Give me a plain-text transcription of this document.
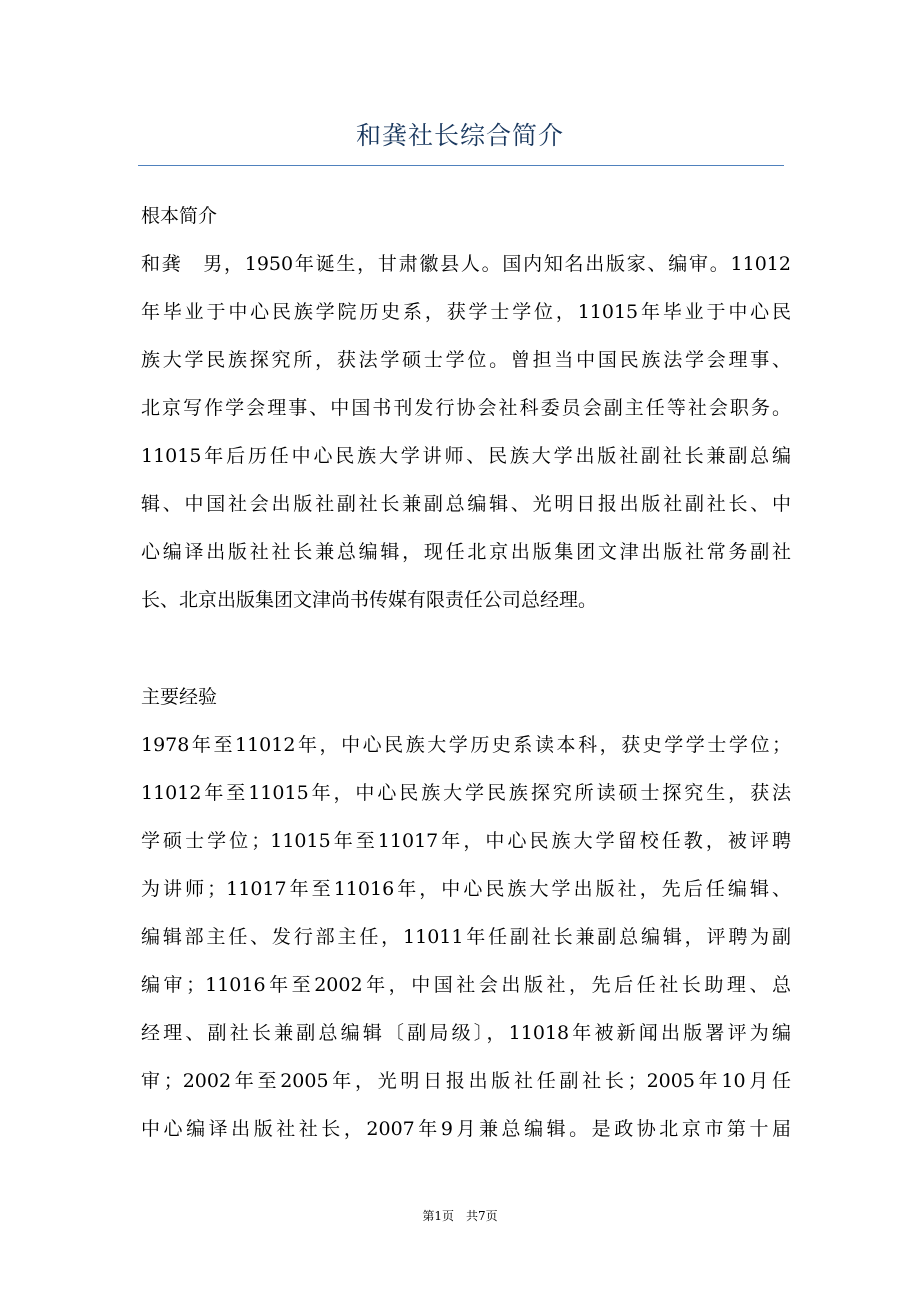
和龚社长综合简介
根本简介
和龚　男，1950年诞生，甘肃徽县人。国内知名出版家、编审。11012
年毕业于中心民族学院历史系，获学士学位，11015年毕业于中心民
族大学民族探究所，获法学硕士学位。曾担当中国民族法学会理事、
北京写作学会理事、中国书刊发行协会社科委员会副主任等社会职务。
11015年后历任中心民族大学讲师、民族大学出版社副社长兼副总编
辑、中国社会出版社副社长兼副总编辑、光明日报出版社副社长、中
心编译出版社社长兼总编辑，现任北京出版集团文津出版社常务副社
长、北京出版集团文津尚书传媒有限责任公司总经理。
主要经验
1978年至11012年，中心民族大学历史系读本科，获史学学士学位；
11012年至11015年，中心民族大学民族探究所读硕士探究生，获法
学硕士学位；11015年至11017年，中心民族大学留校任教，被评聘
为讲师；11017年至11016年，中心民族大学出版社，先后任编辑、
编辑部主任、发行部主任，11011年任副社长兼副总编辑，评聘为副
编审；11016年至2002年，中国社会出版社，先后任社长助理、总
经理、副社长兼副总编辑〔副局级〕，11018年被新闻出版署评为编
审；2002年至2005年，光明日报出版社任副社长；2005年10月任
中心编译出版社社长，2007年9月兼总编辑。是政协北京市第十届
第1页　共7页
